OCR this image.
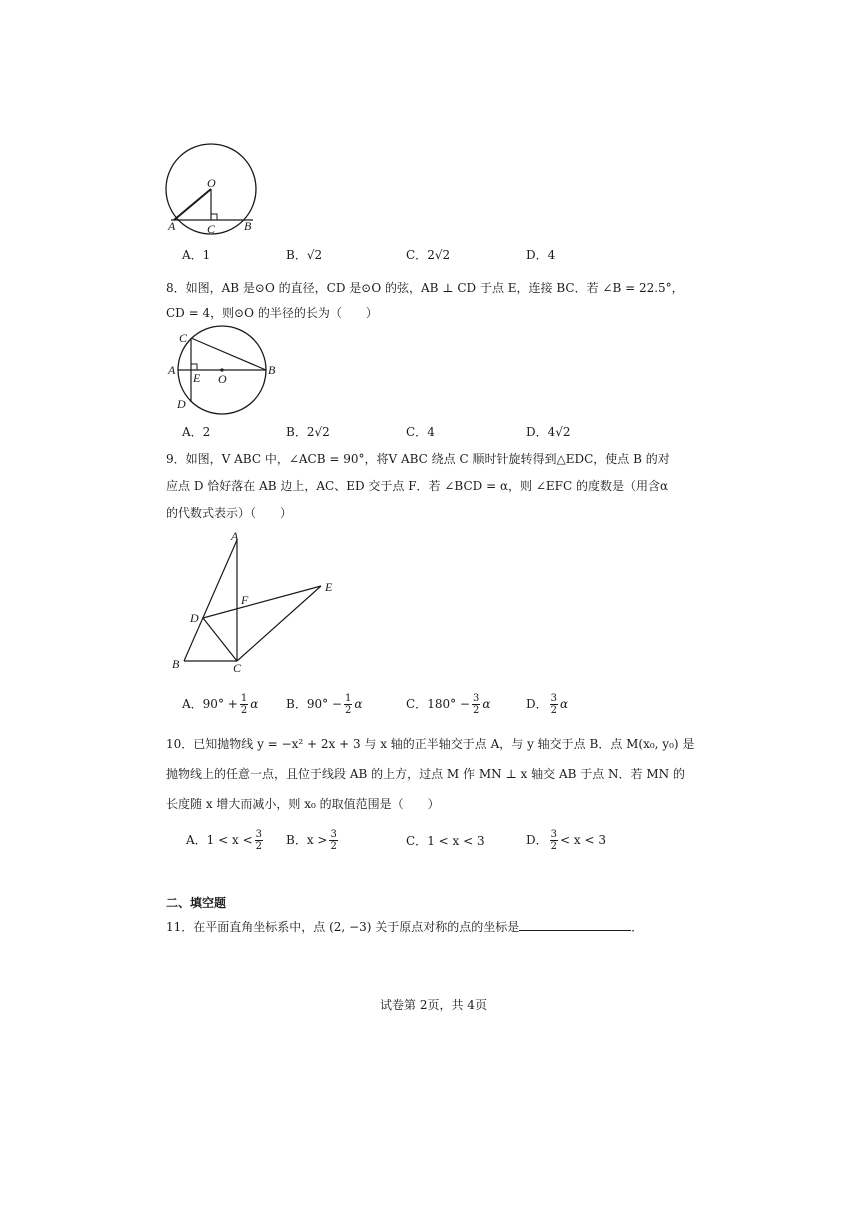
O
A	C B
A．1	B．√2	C．2√2	D．4
8．如图，AB 是⊙O 的直径，CD 是⊙O 的弦，AB ⊥ CD 于点 E，连接 BC．若 ∠B = 22.5°，
CD = 4，则⊙O 的半径的长为（　　）
C
A
E O
B
D
A．2	B．2√2	C．4	D．4√2
9．如图，V ABC 中，∠ACB = 90°，将V ABC 绕点 C 顺时针旋转得到△EDC，使点 B 的对
应点 D 恰好落在 AB 边上，AC、ED 交于点 F．若 ∠BCD = α，则 ∠EFC 的度数是（用含α
的代数式表示）（　　）
A
E
F
D
B	C
A．$90^\circ + \frac{1}{2}$ α B．$90^\circ - \frac{1}{2}$ α	C．$180^\circ - \frac{3}{2}$ α	D． $\frac{3}{2}$ α
10．已知抛物线 y = −x² + 2x + 3 与 x 轴的正半轴交于点 A，与 y 轴交于点 B．点 M(x₀, y₀) 是
抛物线上的任意一点，且位于线段 AB 的上方，过点 M 作 MN ⊥ x 轴交 AB 于点 N．若 MN 的
长度随 x 增大而减小，则 x₀ 的取值范围是（　　）
A．$1 < x < \frac{3}{2}$ B．$x > \frac{3}{2}$	C．1 < x < 3	D． $\frac{3}{2} < x < 3$
二、填空题
11．在平面直角坐标系中，点 (2, −3) 关于原点对称的点的坐标是	．
试卷第 2页，共 4页
